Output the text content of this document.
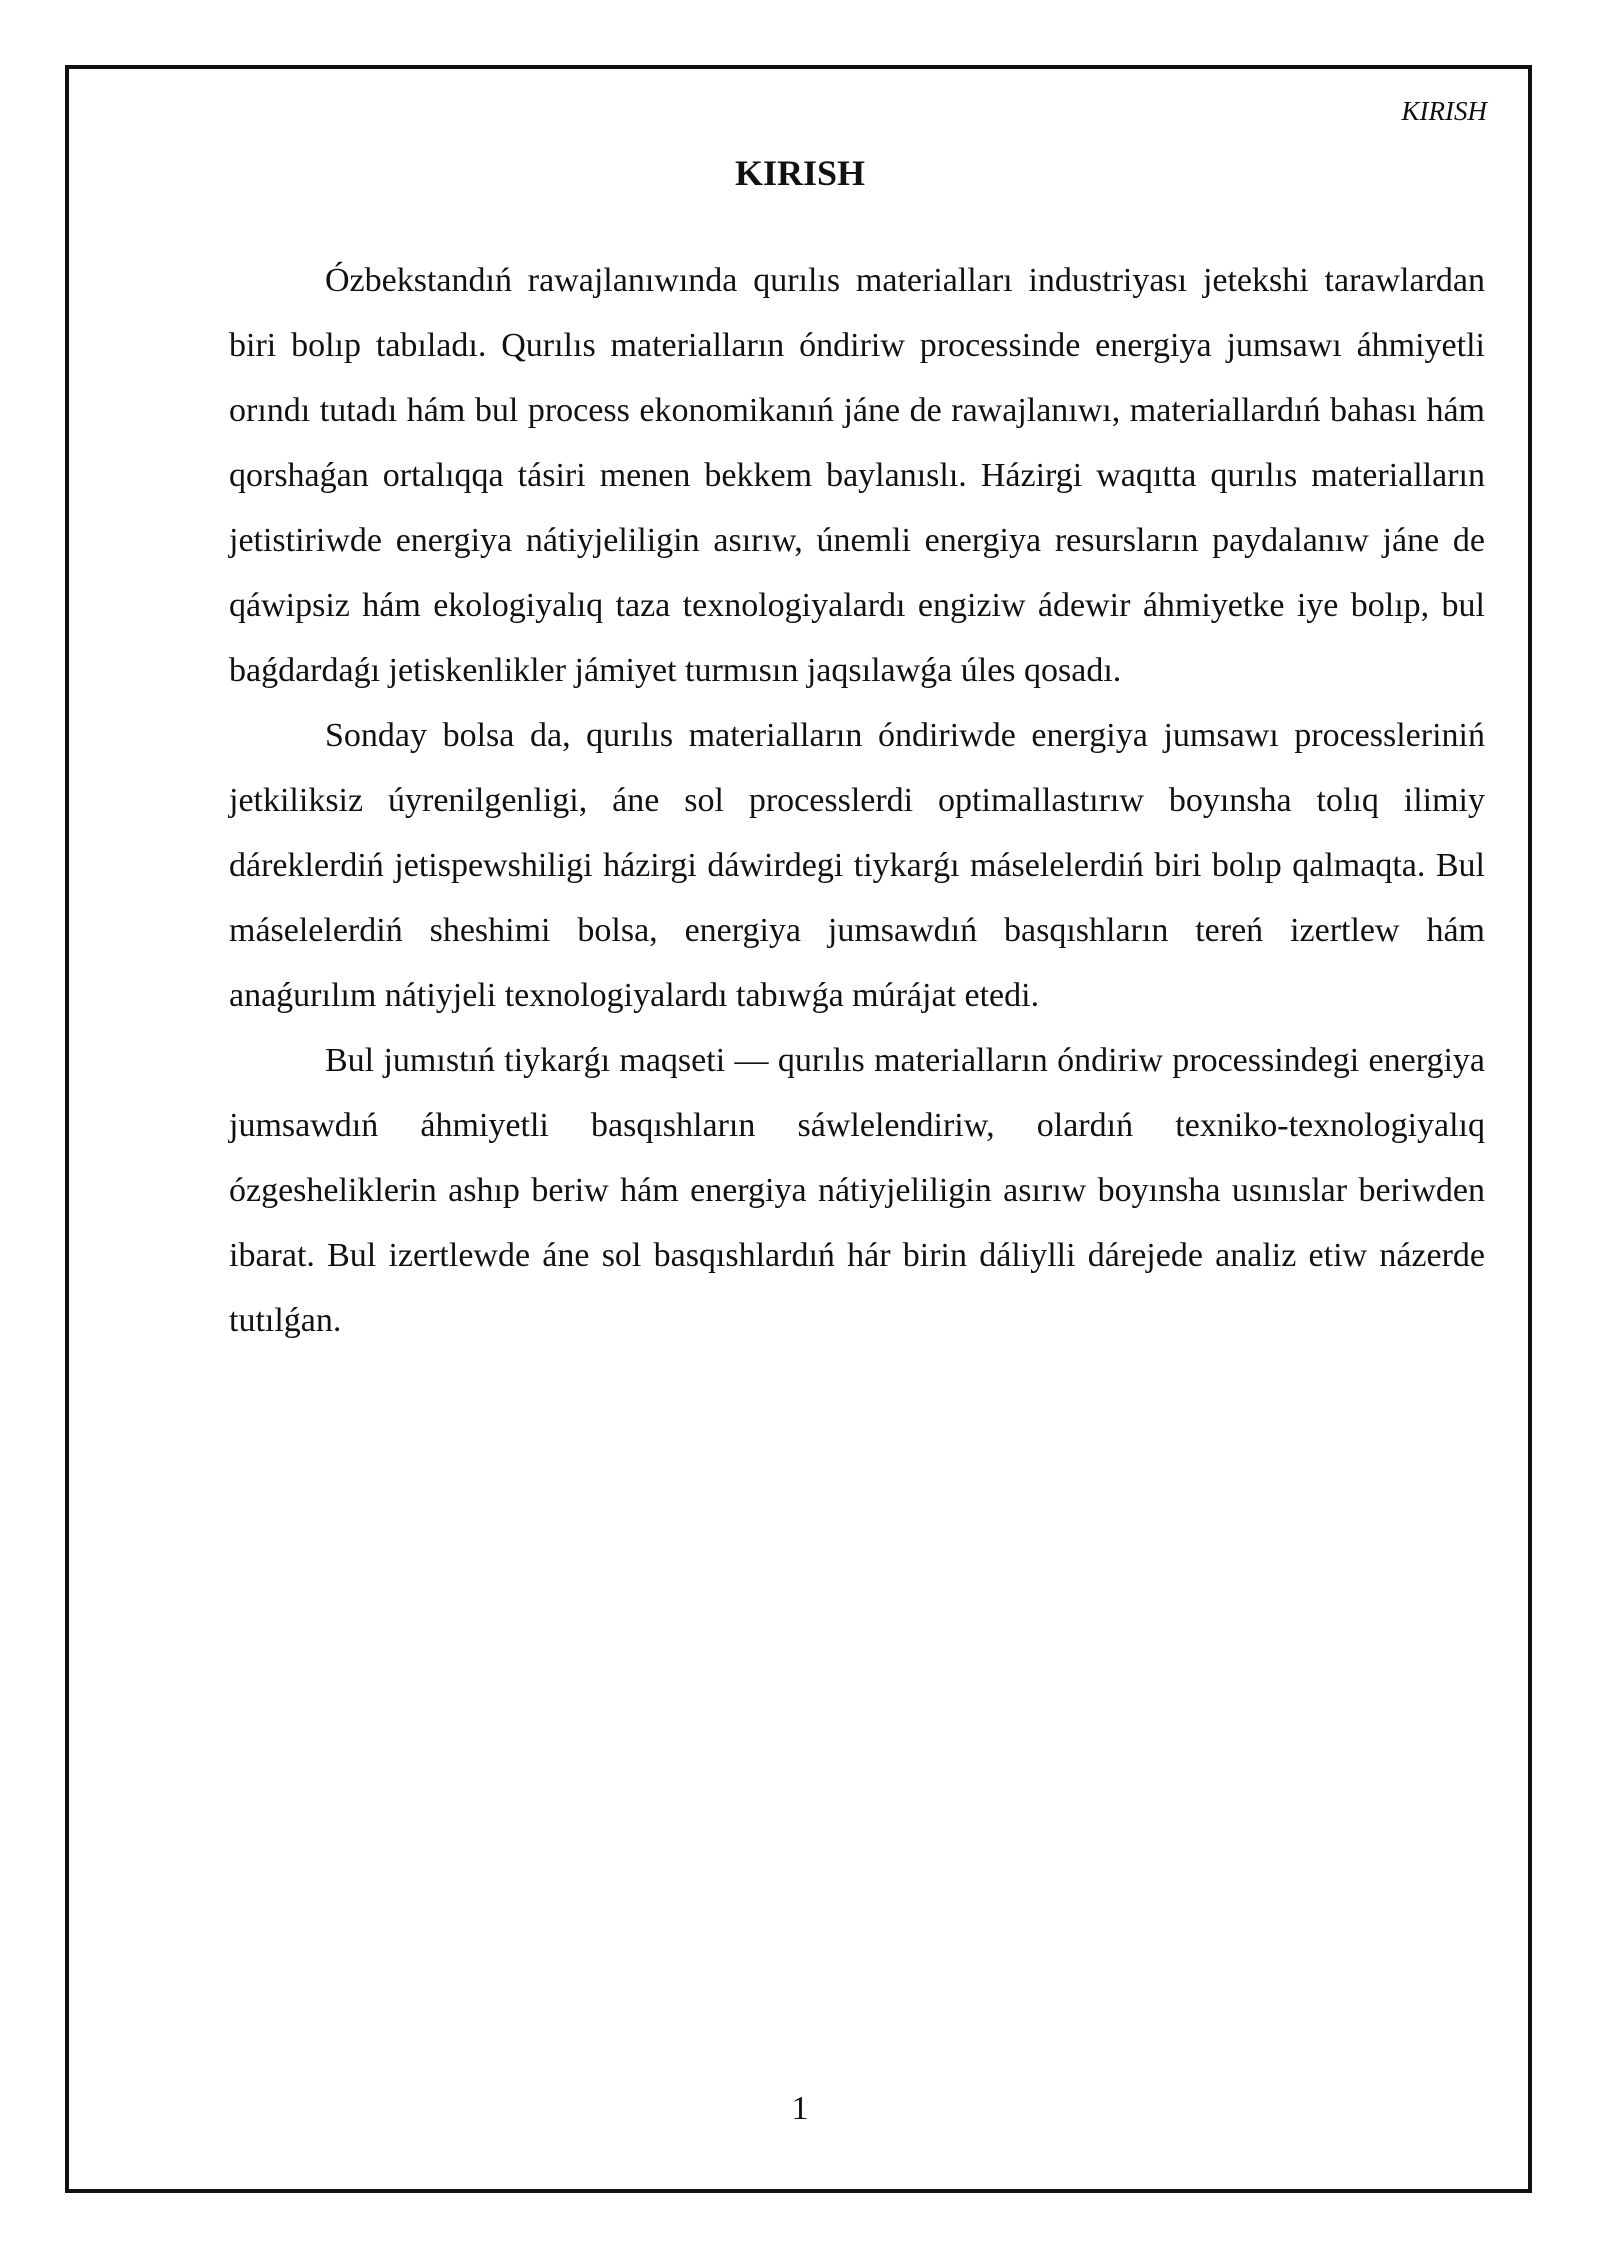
KIRISH
KIRISH

Ózbekstandıń rawajlanıwında qurılıs materialları industriyası jetekshi tarawlardan biri bolıp tabıladı. Qurılıs materialların óndiriw processinde energiya jumsawı áhmiyetli orındı tutadı hám bul process ekonomikanıń jáne de rawajlanıwı, materiallardıń bahası hám qorshaǵan ortalıqqa tásiri menen bekkem baylanıslı. Házirgi waqıtta qurılıs materialların jetistiriwde energiya nátiyjeliligin asırıw, únemli energiya resursların paydalanıw jáne de qáwipsiz hám ekologiyalıq taza texnologiyalardı engiziw ádewir áhmiyetke iye bolıp, bul baǵdardaǵı jetiskenlikler jámiyet turmısın jaqsılawǵa úles qosadı.

Sonday bolsa da, qurılıs materialların óndiriwde energiya jumsawı processleriniń jetkiliksiz úyrenilgenligi, áne sol processlerdi optimallastırıw boyınsha tolıq ilimiy dáreklerdiń jetispewshiligi házirgi dáwirdegi tiykarǵı máselelerdiń biri bolıp qalmaqta. Bul máselelerdiń sheshimi bolsa, energiya jumsawdıń basqıshların tereń izertlew hám anaǵurılım nátiyjeli texnologiyalardı tabıwǵa múrájat etedi.

Bul jumıstıń tiykarǵı maqseti — qurılıs materialların óndiriw processindegi energiya jumsawdıń áhmiyetli basqıshların sáwlelendiriw, olardıń texniko-texnologiyalıq ózgesheliklerin ashıp beriw hám energiya nátiyjeliligin asırıw boyınsha usınıslar beriwden ibarat. Bul izertlewde áne sol basqıshlardıń hár birin dáliylli dárejede analiz etiw názerde tutılǵan.

1
